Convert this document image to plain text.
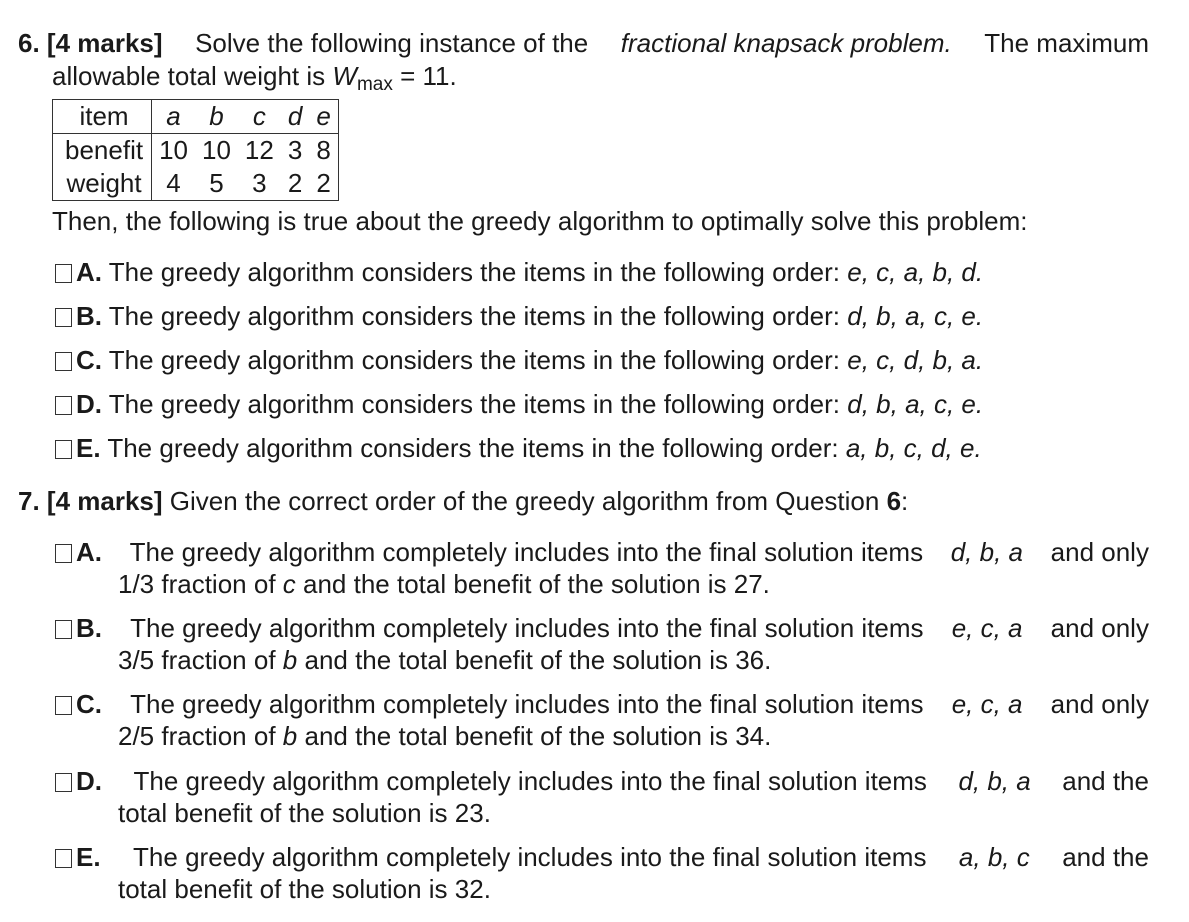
6. [4 marks] Solve the following instance of the fractional knapsack problem. The maximum
allowable total weight is $W_{max} = 11$.
item	a	b	c	d	e
benefit	10	10	12	3	8
weight	4	5	3	2	2
Then, the following is true about the greedy algorithm to optimally solve this problem:
A. The greedy algorithm considers the items in the following order: e, c, a, b, d.
B. The greedy algorithm considers the items in the following order: d, b, a, c, e.
C. The greedy algorithm considers the items in the following order: e, c, d, b, a.
D. The greedy algorithm considers the items in the following order: d, b, a, c, e.
E. The greedy algorithm considers the items in the following order: a, b, c, d, e.
7. [4 marks] Given the correct order of the greedy algorithm from Question 6:
A. The greedy algorithm completely includes into the final solution items d, b, a and only
1/3 fraction of c and the total benefit of the solution is 27.
B. The greedy algorithm completely includes into the final solution items e, c, a and only
3/5 fraction of b and the total benefit of the solution is 36.
C. The greedy algorithm completely includes into the final solution items e, c, a and only
2/5 fraction of b and the total benefit of the solution is 34.
D. The greedy algorithm completely includes into the final solution items d, b, a and the
total benefit of the solution is 23.
E. The greedy algorithm completely includes into the final solution items a, b, c and the
total benefit of the solution is 32.
